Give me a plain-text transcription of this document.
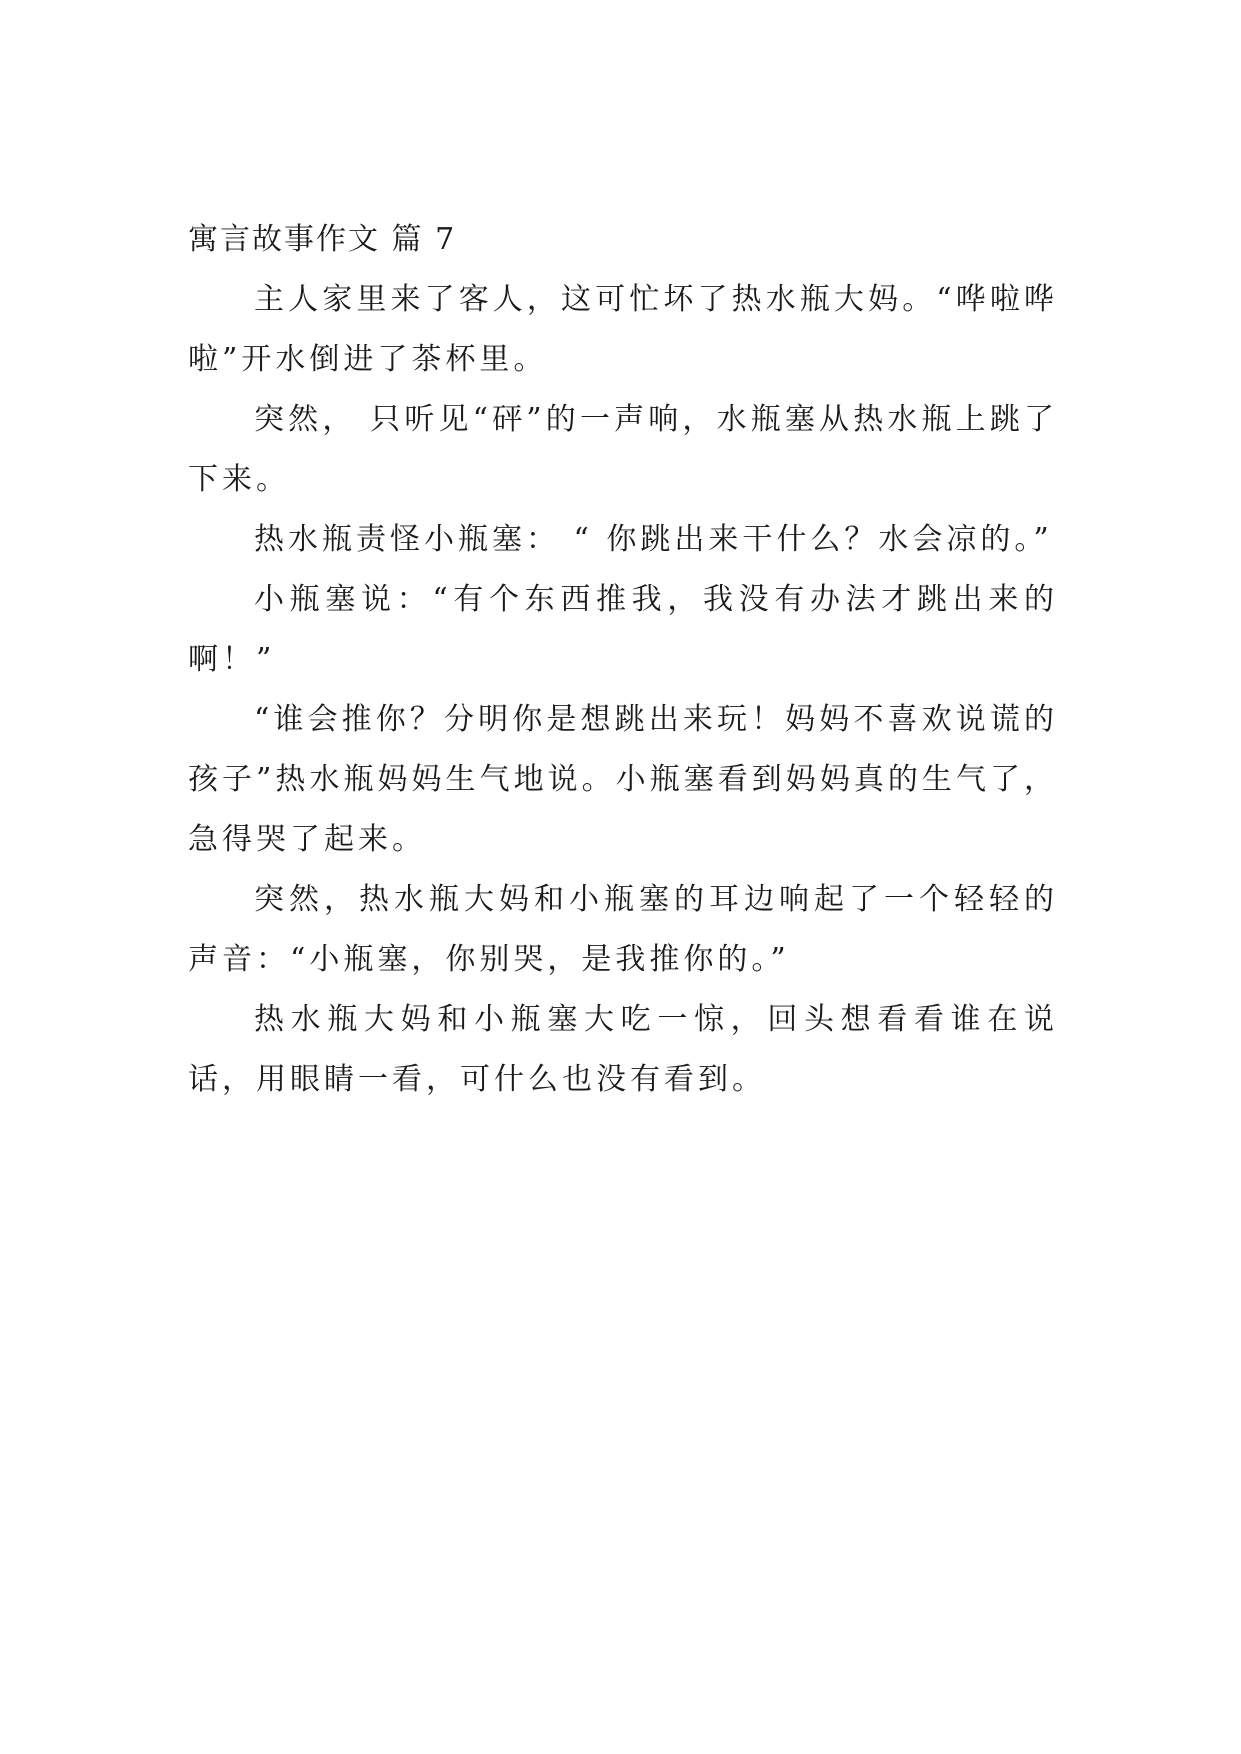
寓言故事作文 篇 7

主人家里来了客人，这可忙坏了热水瓶大妈。“哗啦哗啦”开水倒进了茶杯里。

突然， 只听见“砰”的一声响，水瓶塞从热水瓶上跳了下来。

热水瓶责怪小瓶塞： “ 你跳出来干什么？水会凉的。”

小瓶塞说：“有个东西推我，我没有办法才跳出来的啊！”

“谁会推你？分明你是想跳出来玩！妈妈不喜欢说谎的孩子”热水瓶妈妈生气地说。小瓶塞看到妈妈真的生气了，急得哭了起来。

突然，热水瓶大妈和小瓶塞的耳边响起了一个轻轻的声音：“小瓶塞，你别哭，是我推你的。”

热水瓶大妈和小瓶塞大吃一惊，回头想看看谁在说话，用眼睛一看，可什么也没有看到。
